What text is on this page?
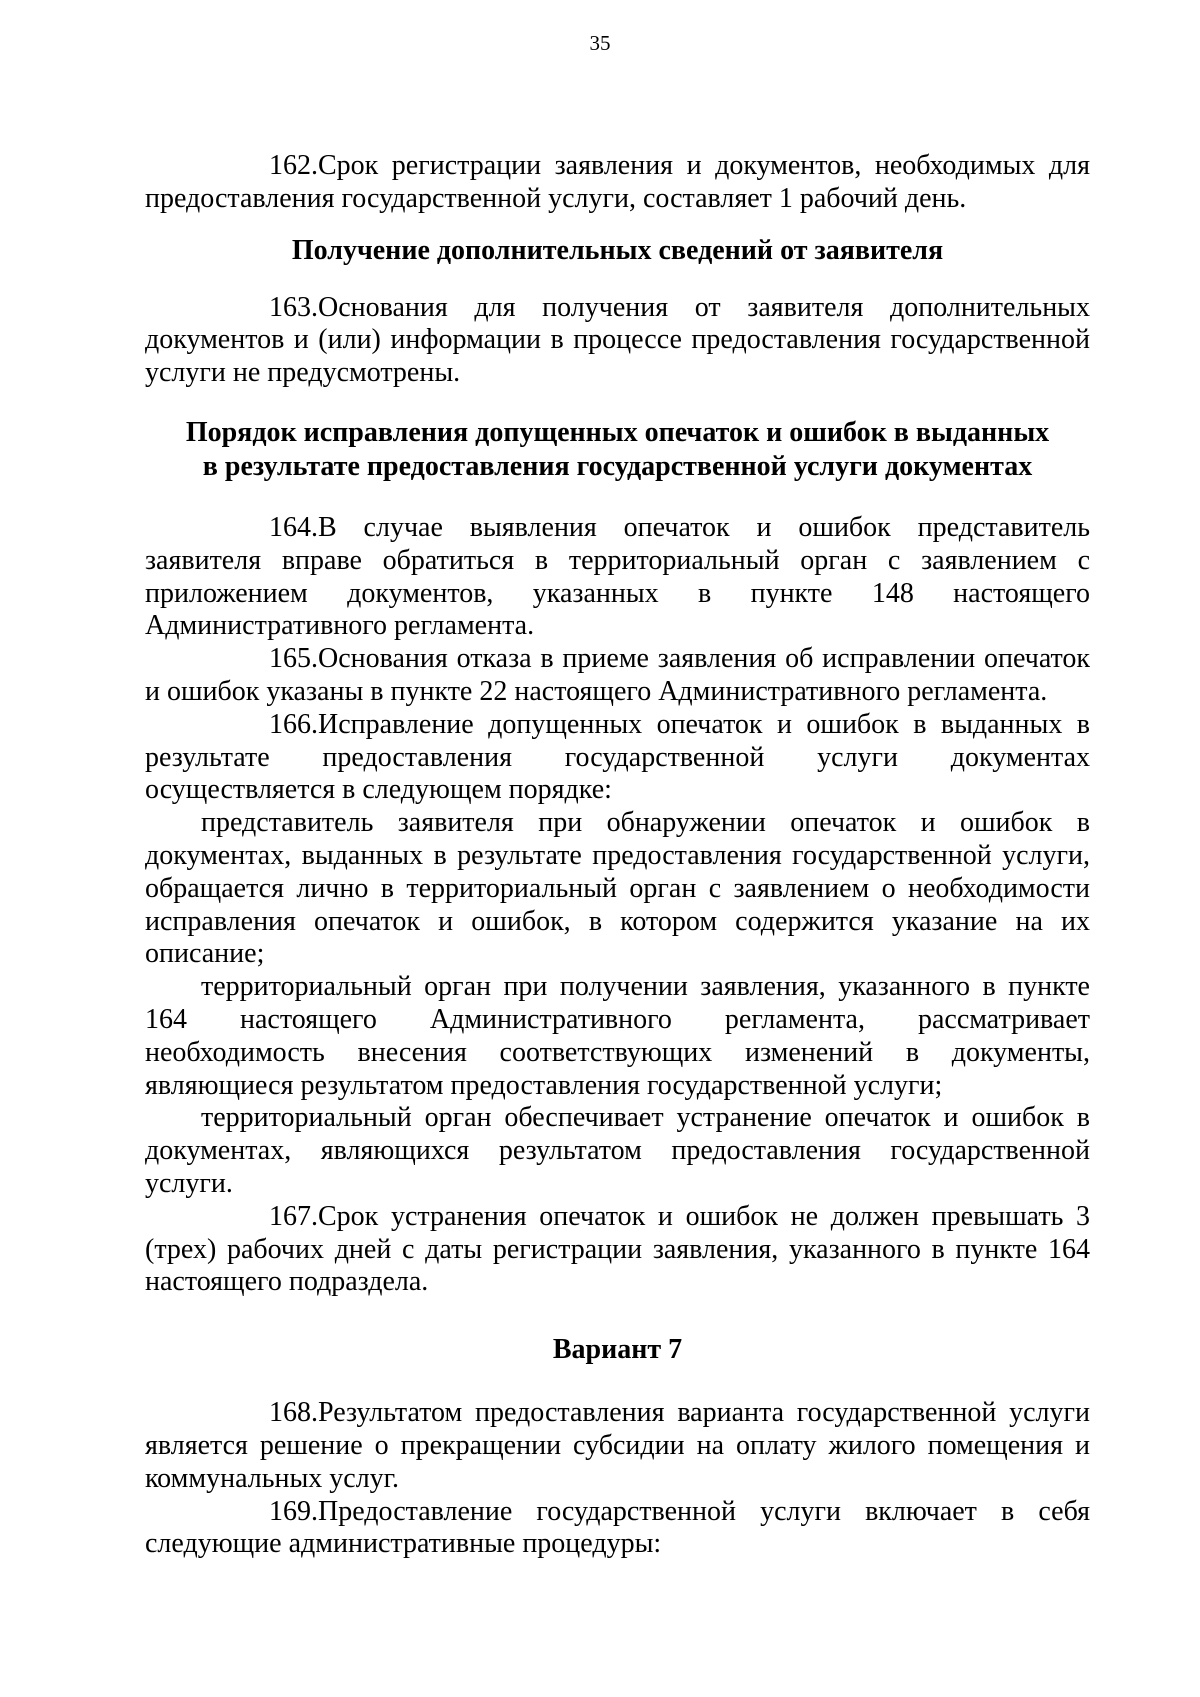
35

162.Срок регистрации заявления и документов, необходимых для предоставления государственной услуги, составляет 1 рабочий день.

Получение дополнительных сведений от заявителя

163.Основания для получения от заявителя дополнительных документов и (или) информации в процессе предоставления государственной услуги не предусмотрены.

Порядок исправления допущенных опечаток и ошибок в выданных
в результате предоставления государственной услуги документах

164.В случае выявления опечаток и ошибок представитель заявителя вправе обратиться в территориальный орган с заявлением с приложением документов, указанных в пункте 148 настоящего Административного регламента.

165.Основания отказа в приеме заявления об исправлении опечаток и ошибок указаны в пункте 22 настоящего Административного регламента.

166.Исправление допущенных опечаток и ошибок в выданных в результате предоставления государственной услуги документах осуществляется в следующем порядке:

представитель заявителя при обнаружении опечаток и ошибок в документах, выданных в результате предоставления государственной услуги, обращается лично в территориальный орган с заявлением о необходимости исправления опечаток и ошибок, в котором содержится указание на их описание;

территориальный орган при получении заявления, указанного в пункте 164 настоящего Административного регламента, рассматривает необходимость внесения соответствующих изменений в документы, являющиеся результатом предоставления государственной услуги;

территориальный орган обеспечивает устранение опечаток и ошибок в документах, являющихся результатом предоставления государственной услуги.

167.Срок устранения опечаток и ошибок не должен превышать 3 (трех) рабочих дней с даты регистрации заявления, указанного в пункте 164 настоящего подраздела.

Вариант 7

168.Результатом предоставления варианта государственной услуги является решение о прекращении субсидии на оплату жилого помещения и коммунальных услуг.

169.Предоставление государственной услуги включает в себя следующие административные процедуры:
